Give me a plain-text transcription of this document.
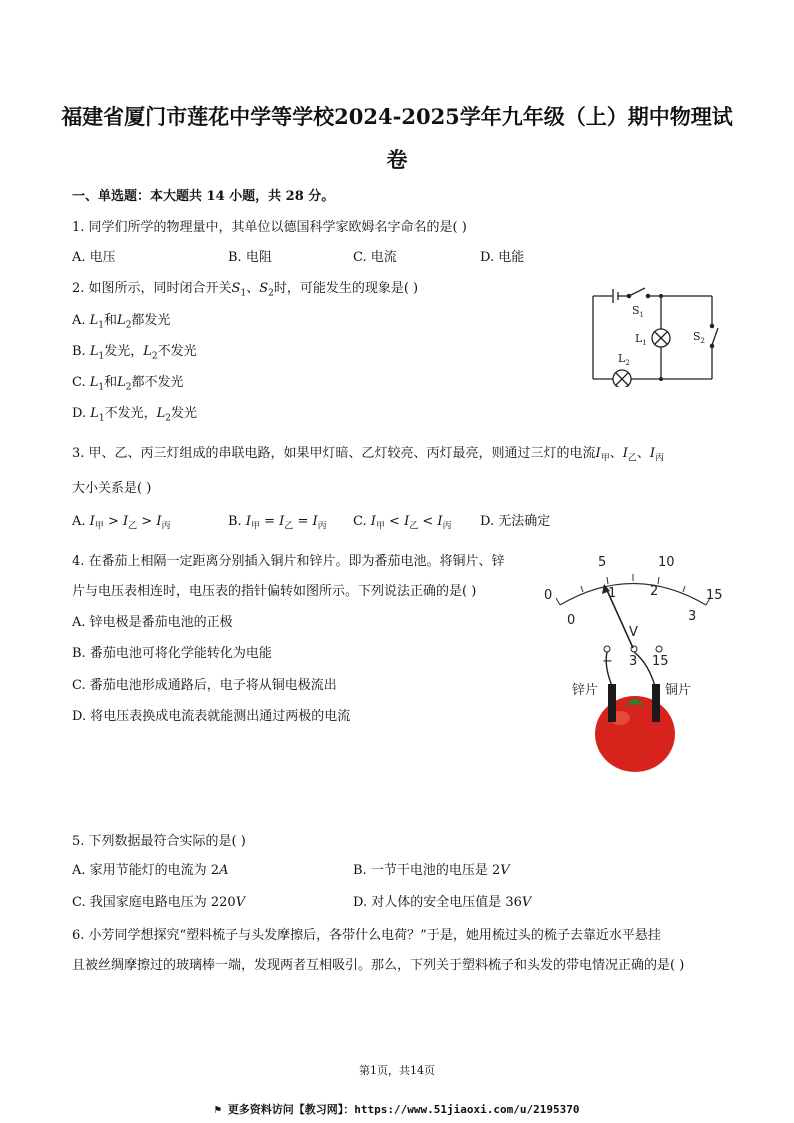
福建省厦门市莲花中学等学校2024-2025学年九年级（上）期中物理试
卷
一、单选题：本大题共 14 小题，共 28 分。
1. 同学们所学的物理量中，其单位以德国科学家欧姆名字命名的是( )
A. 电压	B. 电阻	C. 电流	D. 电能
2. 如图所示，同时闭合开关$S_1$、$S_2$时，可能发生的现象是( )
A. $L_1$和$L_2$都发光
B. $L_1$发光，$L_2$不发光
C. $L_1$和$L_2$都不发光
D. $L_1$不发光，$L_2$发光
$S_1$
$L_1$	$S_2$
$L_2$
3. 甲、乙、丙三灯组成的串联电路，如果甲灯暗、乙灯较亮、丙灯最亮，则通过三灯的电流$I_甲$、$I_乙$、$I_丙$
大小关系是( )
A. $I_甲 > I_乙 > I_丙$	B. $I_甲 = I_乙 = I_丙$ C. $I_甲 < I_乙 < I_丙$ D. 无法确定
4. 在番茄上相隔一定距离分别插入铜片和锌片。即为番茄电池。将铜片、锌
片与电压表相连时，电压表的指针偏转如图所示。下列说法正确的是( )
A. 锌电极是番茄电池的正极
B. 番茄电池可将化学能转化为电能
C. 番茄电池形成通路后，电子将从铜电极流出
D. 将电压表换成电流表就能测出通过两极的电流
0
5	10
15
0
1	2
3
V
− 3 15
锌片	铜片
5. 下列数据最符合实际的是( )
A. 家用节能灯的电流为 2A	B. 一节干电池的电压是 2V
C. 我国家庭电路电压为 220V	D. 对人体的安全电压值是 36V
6. 小芳同学想探究“塑料梳子与头发摩擦后，各带什么电荷？”于是，她用梳过头的梳子去靠近水平悬挂
且被丝绸摩擦过的玻璃棒一端，发现两者互相吸引。那么，下列关于塑料梳子和头发的带电情况正确的是( )
第1页，共14页
⚑ 更多资料访问【教习网】：https://www.51jiaoxi.com/u/2195370
